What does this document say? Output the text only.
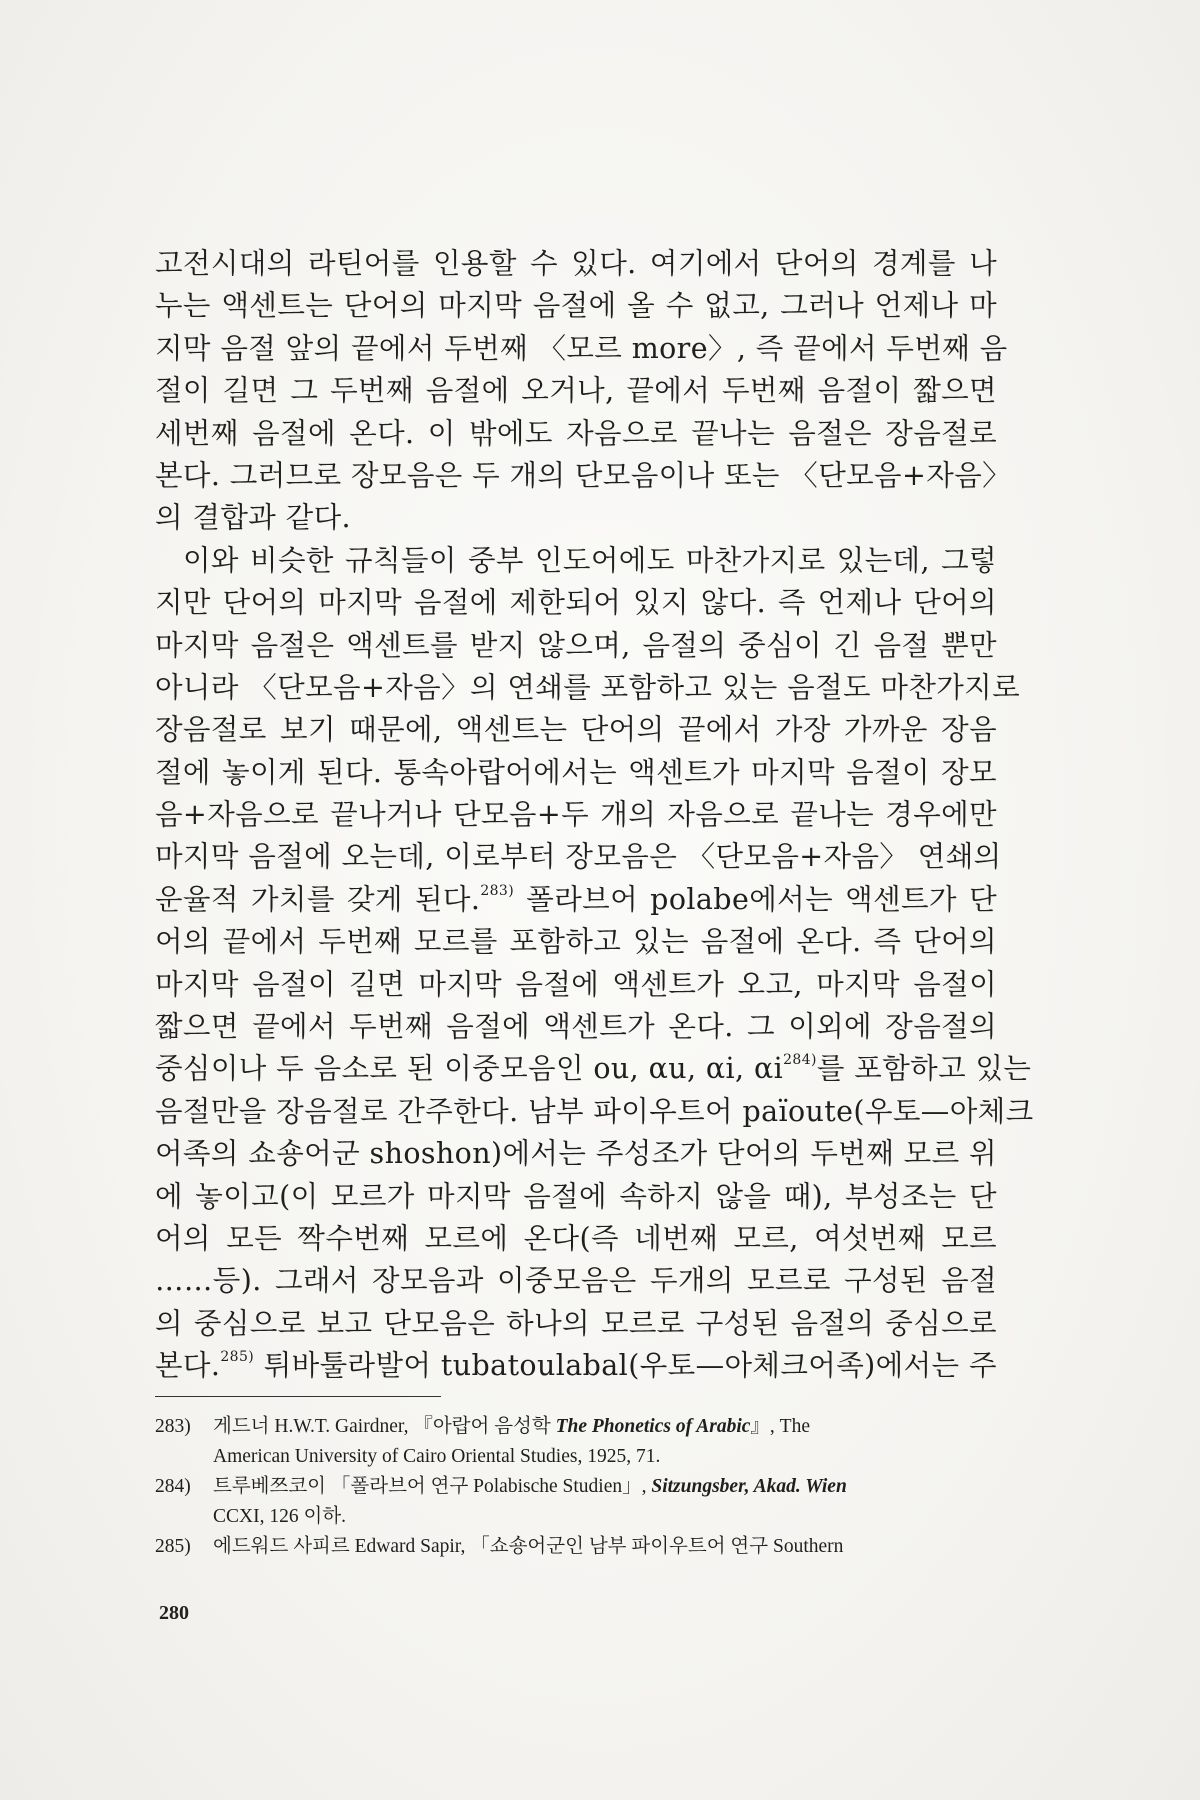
고전시대의 라틴어를 인용할 수 있다. 여기에서 단어의 경계를 나
누는 액센트는 단어의 마지막 음절에 올 수 없고, 그러나 언제나 마
지막 음절 앞의 끝에서 두번째 〈모르 more〉, 즉 끝에서 두번째 음
절이 길면 그 두번째 음절에 오거나, 끝에서 두번째 음절이 짧으면
세번째 음절에 온다. 이 밖에도 자음으로 끝나는 음절은 장음절로
본다. 그러므로 장모음은 두 개의 단모음이나 또는 〈단모음+자음〉
의 결합과 같다.
이와 비슷한 규칙들이 중부 인도어에도 마찬가지로 있는데, 그렇
지만 단어의 마지막 음절에 제한되어 있지 않다. 즉 언제나 단어의
마지막 음절은 액센트를 받지 않으며, 음절의 중심이 긴 음절 뿐만
아니라 〈단모음+자음〉의 연쇄를 포함하고 있는 음절도 마찬가지로
장음절로 보기 때문에, 액센트는 단어의 끝에서 가장 가까운 장음
절에 놓이게 된다. 통속아랍어에서는 액센트가 마지막 음절이 장모
음+자음으로 끝나거나 단모음+두 개의 자음으로 끝나는 경우에만
마지막 음절에 오는데, 이로부터 장모음은 〈단모음+자음〉 연쇄의
운율적 가치를 갖게 된다.$^{283)}$ 폴라브어 polabe에서는 액센트가 단
어의 끝에서 두번째 모르를 포함하고 있는 음절에 온다. 즉 단어의
마지막 음절이 길면 마지막 음절에 액센트가 오고, 마지막 음절이
짧으면 끝에서 두번째 음절에 액센트가 온다. 그 이외에 장음절의
중심이나 두 음소로 된 이중모음인 ou, αu, αi, αi$^{284)}$를 포함하고 있는
음절만을 장음절로 간주한다. 남부 파이우트어 païoute(우토—아체크
어족의 쇼숑어군 shoshon)에서는 주성조가 단어의 두번째 모르 위
에 놓이고(이 모르가 마지막 음절에 속하지 않을 때), 부성조는 단
어의 모든 짝수번째 모르에 온다(즉 네번째 모르, 여섯번째 모르
……등). 그래서 장모음과 이중모음은 두개의 모르로 구성된 음절
의 중심으로 보고 단모음은 하나의 모르로 구성된 음절의 중심으로
본다.$^{285)}$ 튀바툴라발어 tubatoulabal(우토—아체크어족)에서는 주
283) 게드너 H.W.T. Gairdner, 『아랍어 음성학 The Phonetics of Arabic』, The
American University of Cairo Oriental Studies, 1925, 71.
284) 트루베쯔코이 「폴라브어 연구 Polabische Studien」, Sitzungsber, Akad. Wien
CCXI, 126 이하.
285) 에드워드 사피르 Edward Sapir, 「쇼숑어군인 남부 파이우트어 연구 Southern
280
